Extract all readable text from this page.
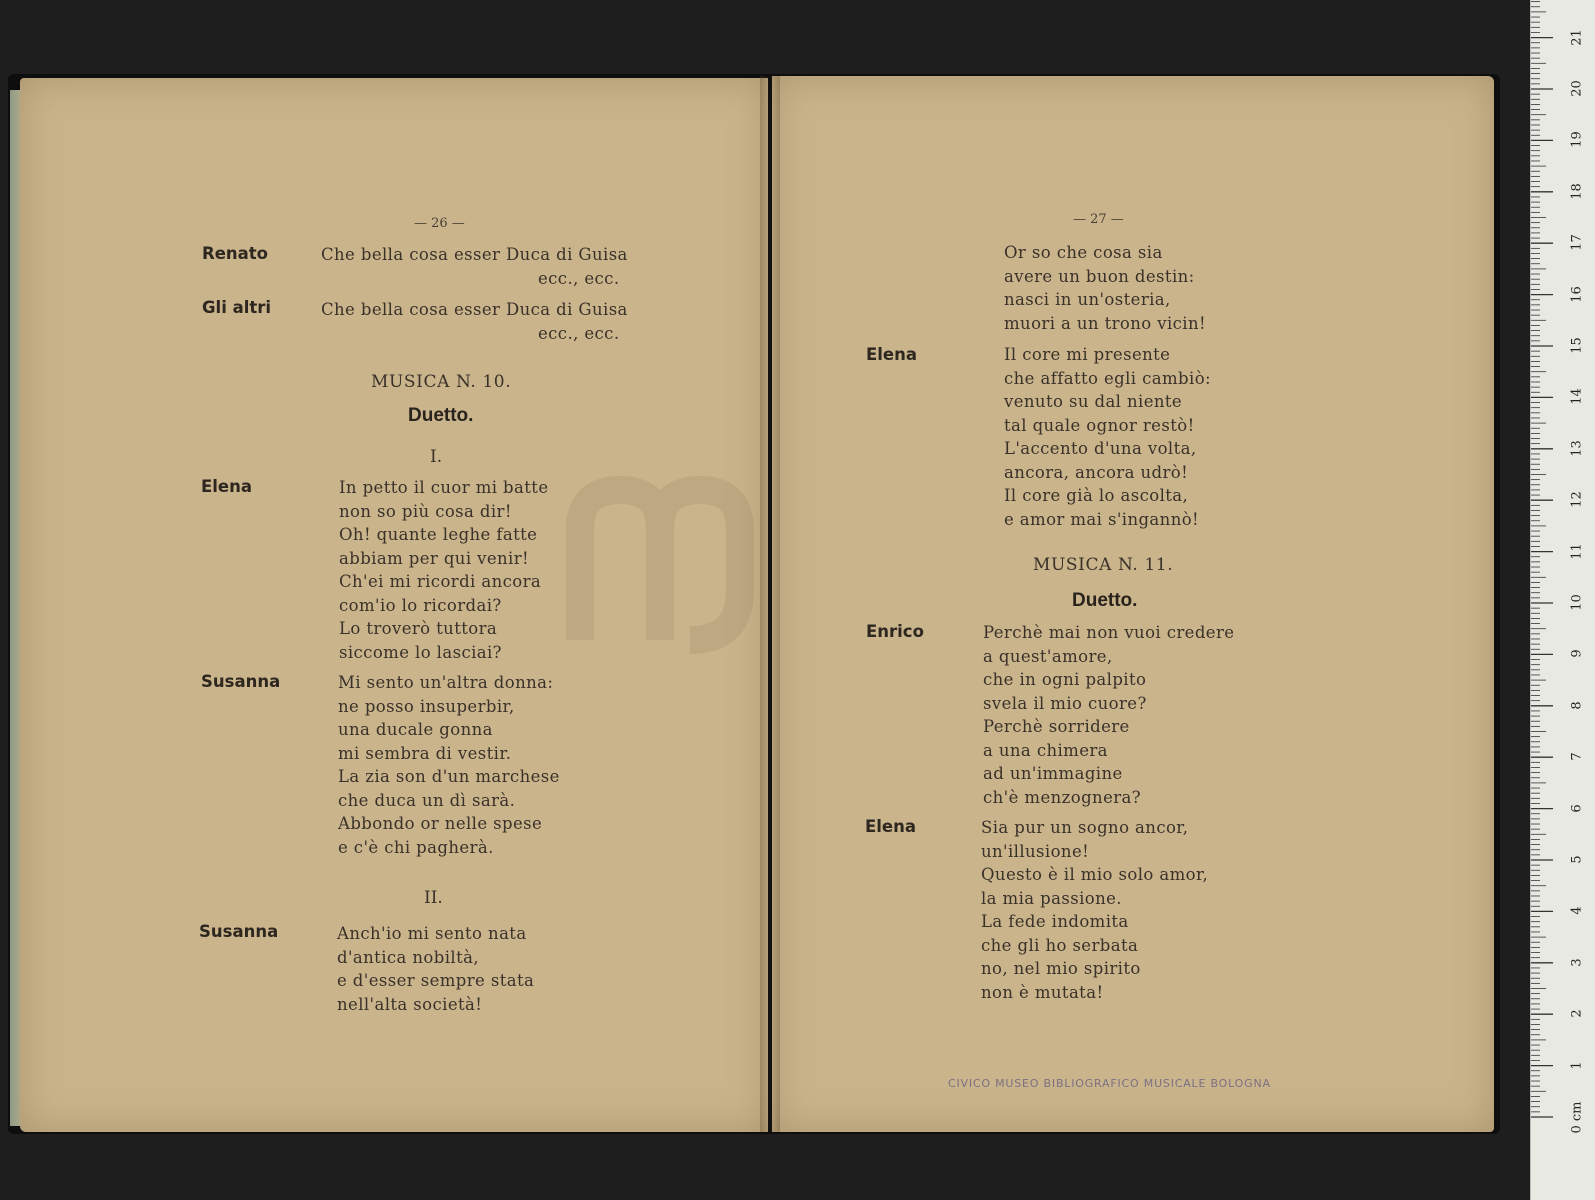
— 26 —
Renato	Che bella cosa esser Duca di Guisa
ecc., ecc.
Gli altri	Che bella cosa esser Duca di Guisa
ecc., ecc.
MUSICA N. 10.
Duetto.
I.
Elena	In petto il cuor mi batte
non so più cosa dir!
Oh! quante leghe fatte
abbiam per qui venir!
Ch'ei mi ricordi ancora
com'io lo ricordai?
Lo troverò tuttora
siccome lo lasciai?
Susanna	Mi sento un'altra donna:
ne posso insuperbir,
una ducale gonna
mi sembra di vestir.
La zia son d'un marchese
che duca un dì sarà.
Abbondo or nelle spese
e c'è chi pagherà.
II.
Susanna	Anch'io mi sento nata
d'antica nobiltà,
e d'esser sempre stata
nell'alta società!
— 27 —
Or so che cosa sia
avere un buon destin:
nasci in un'osteria,
muori a un trono vicin!
Elena	Il core mi presente
che affatto egli cambiò:
venuto su dal niente
tal quale ognor restò!
L'accento d'una volta,
ancora, ancora udrò!
Il core già lo ascolta,
e amor mai s'ingannò!
MUSICA N. 11.
Duetto.
Enrico	Perchè mai non vuoi credere
a quest'amore,
che in ogni palpito
svela il mio cuore?
Perchè sorridere
a una chimera
ad un'immagine
ch'è menzognera?
Elena	Sia pur un sogno ancor,
un'illusione!
Questo è il mio solo amor,
la mia passione.
La fede indomita
che gli ho serbata
no, nel mio spirito
non è mutata!
CIVICO MUSEO BIBLIOGRAFICO MUSICALE BOLOGNA
0 cm
1
2
3
4
5
6
7
8
9
10
11
12
13
14
15
16
17
18
19
20
21
